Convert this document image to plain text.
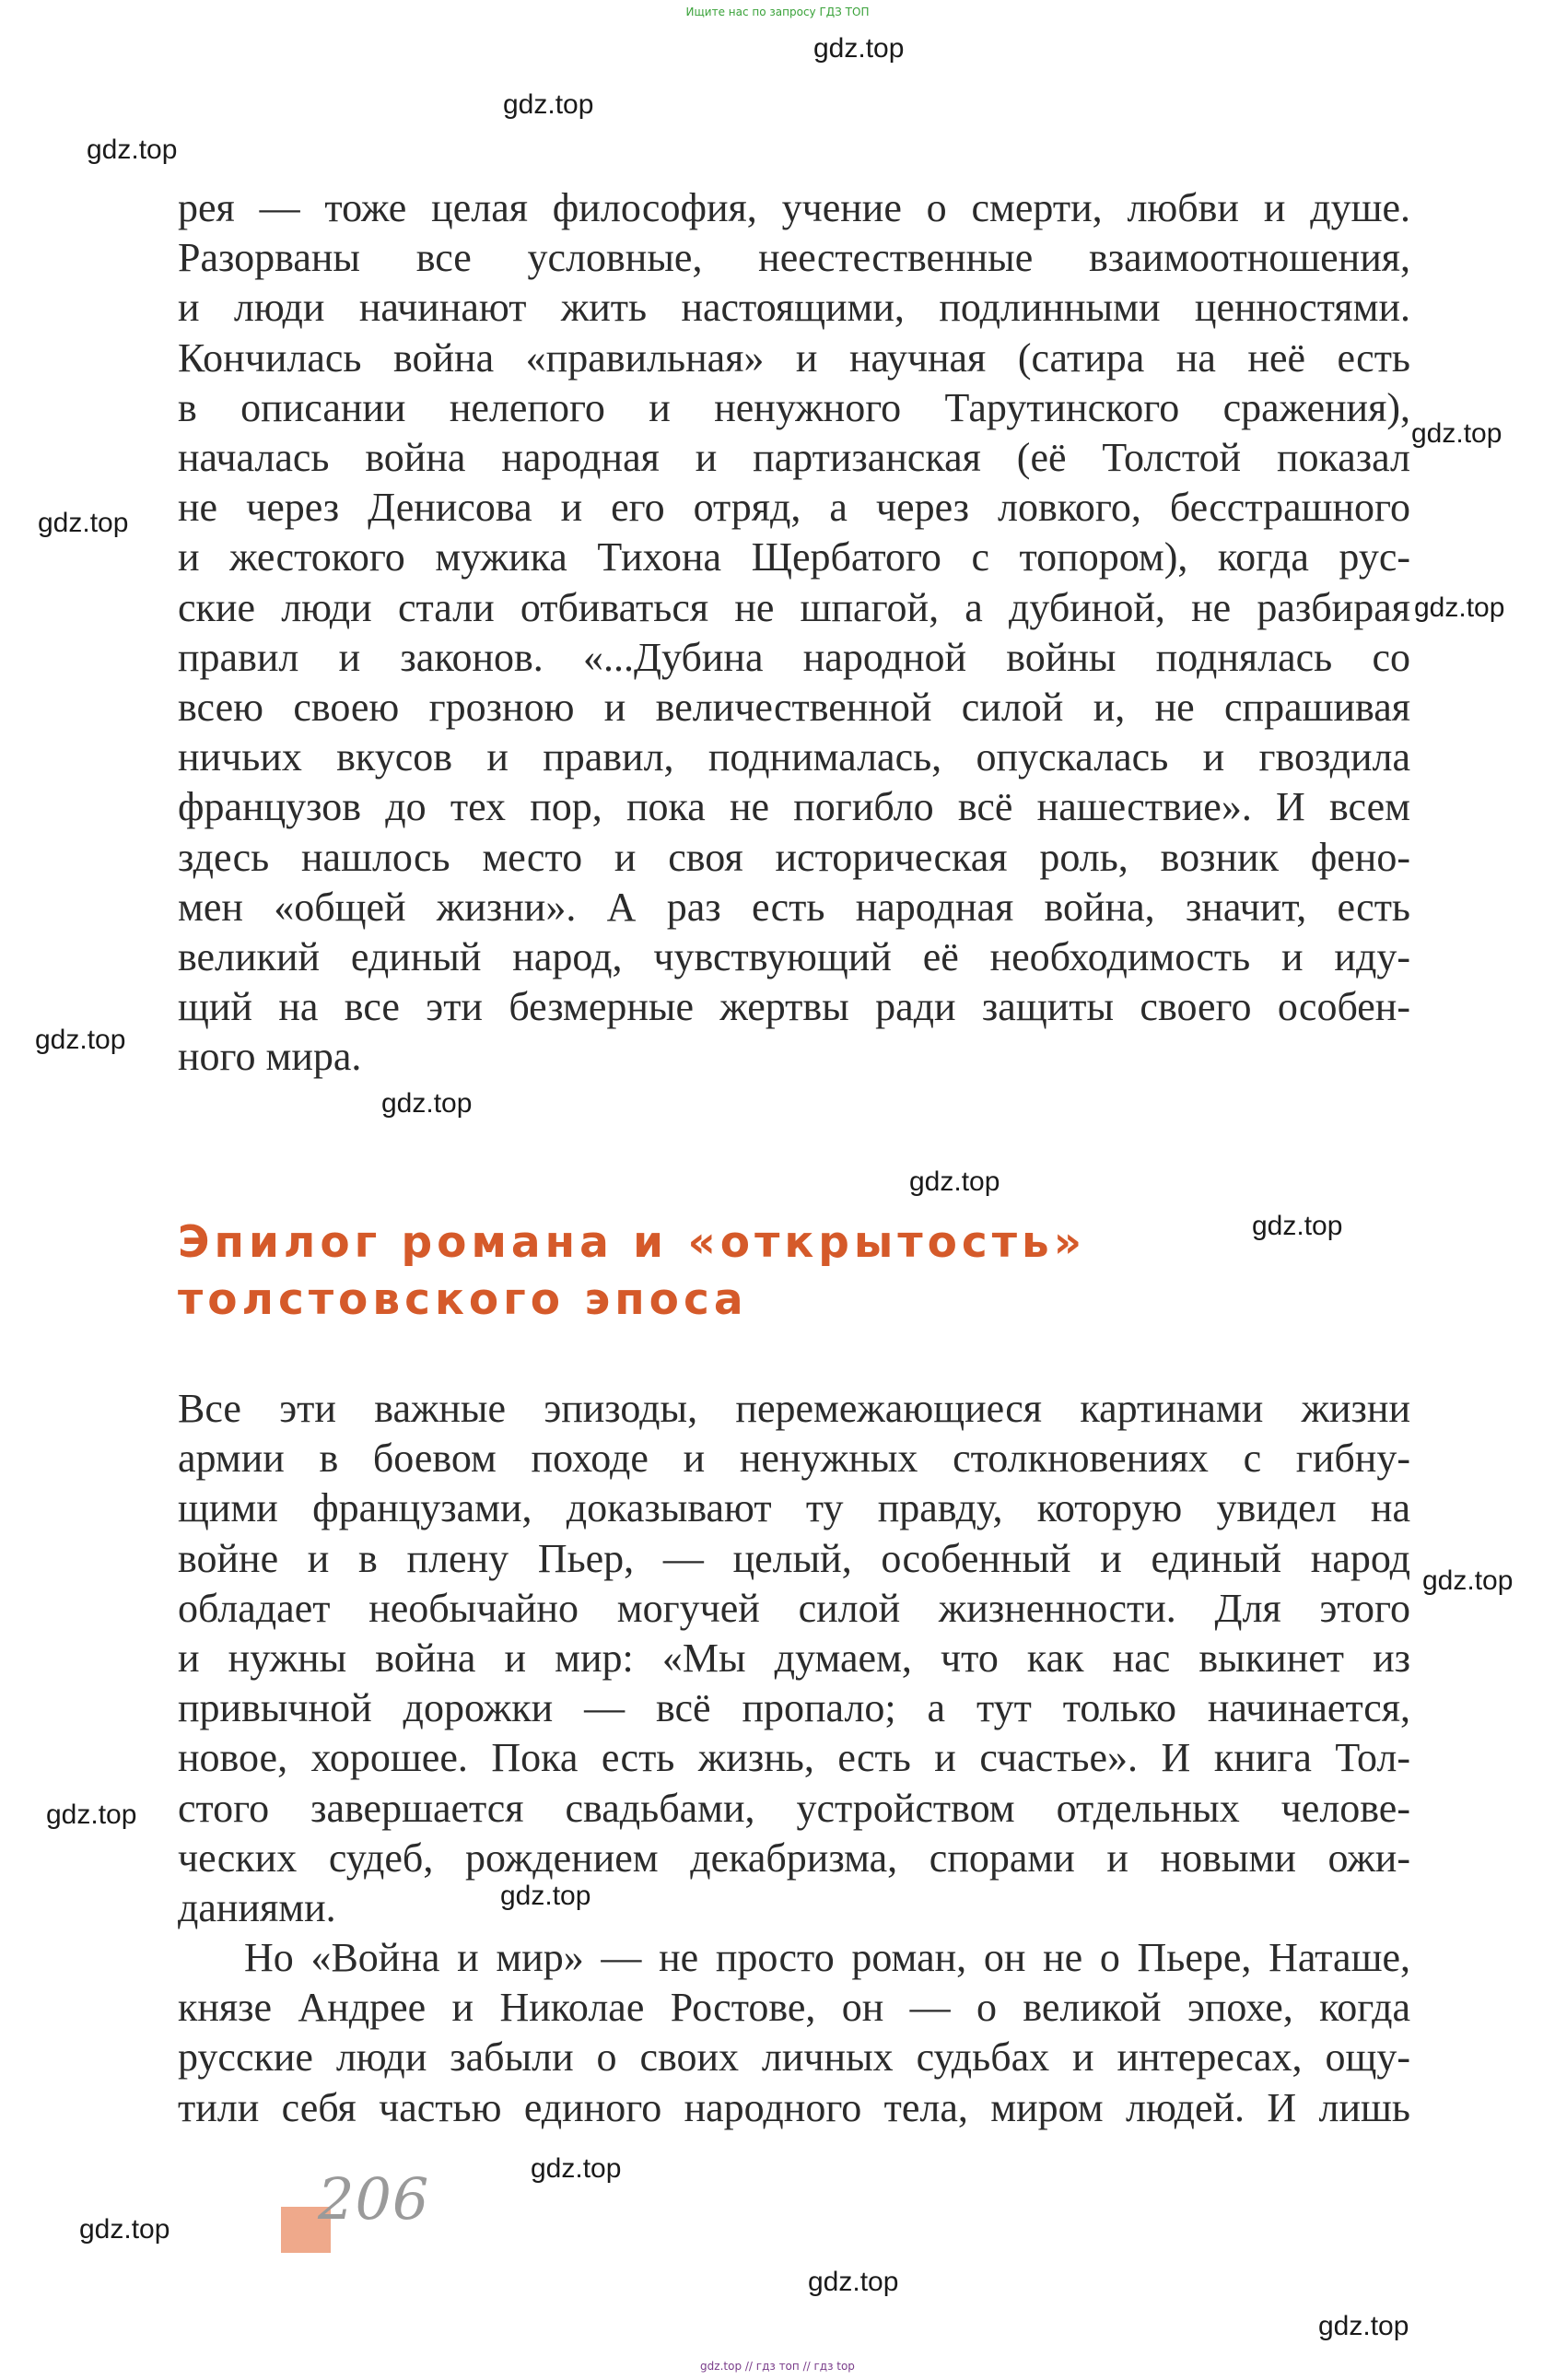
Ищите нас по запросу ГДЗ ТОП
gdz.top
gdz.top
gdz.top
gdz.top
gdz.top
gdz.top
gdz.top
gdz.top
gdz.top
gdz.top
gdz.top
gdz.top
gdz.top
gdz.top
gdz.top
gdz.top
gdz.top
рея — тоже целая философия, учение о смерти, любви и душе.
Разорваны все условные, неестественные взаимоотношения,
и люди начинают жить настоящими, подлинными ценностями.
Кончилась война «правильная» и научная (сатира на неё есть
в описании нелепого и ненужного Тарутинского сражения),
началась война народная и партизанская (её Толстой показал
не через Денисова и его отряд, а через ловкого, бесстрашного
и жестокого мужика Тихона Щербатого с топором), когда рус-
ские люди стали отбиваться не шпагой, а дубиной, не разбирая
правил и законов. «...Дубина народной войны поднялась со
всею своею грозною и величественной силой и, не спрашивая
ничьих вкусов и правил, поднималась, опускалась и гвоздила
французов до тех пор, пока не погибло всё нашествие». И всем
здесь нашлось место и своя историческая роль, возник фено-
мен «общей жизни». А раз есть народная война, значит, есть
великий единый народ, чувствующий её необходимость и иду-
щий на все эти безмерные жертвы ради защиты своего особен-
ного мира.
Эпилог романа и «открытость»
толстовского эпоса
Все эти важные эпизоды, перемежающиеся картинами жизни
армии в боевом походе и ненужных столкновениях с гибну-
щими французами, доказывают ту правду, которую увидел на
войне и в плену Пьер, — целый, особенный и единый народ
обладает необычайно могучей силой жизненности. Для этого
и нужны война и мир: «Мы думаем, что как нас выкинет из
привычной дорожки — всё пропало; а тут только начинается,
новое, хорошее. Пока есть жизнь, есть и счастье». И книга Тол-
стого завершается свадьбами, устройством отдельных челове-
ческих судеб, рождением декабризма, спорами и новыми ожи-
даниями.
Но «Война и мир» — не просто роман, он не о Пьере, Наташе,
князе Андрее и Николае Ростове, он — о великой эпохе, когда
русские люди забыли о своих личных судьбах и интересах, ощу-
тили себя частью единого народного тела, миром людей. И лишь
206
gdz.top // гдз топ // гдз top
